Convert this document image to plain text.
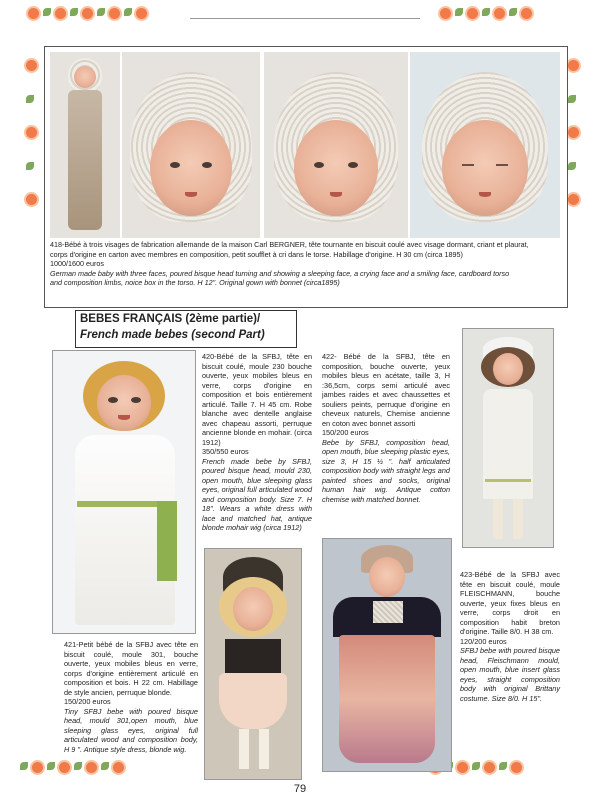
418-Bébé à trois visages de fabrication allemande de la maison Carl BERGNER, tête tournante en biscuit coulé avec visage dormant, criant et plaurat,
corps d'origine en carton avec membres en composition, petit soufflet à cri dans le torse. Habillage d'origine. H 30 cm (circa 1895)
1000/1600 euros
German made baby with three faces, poured bisque head turning and showing a sleeping face, a crying face and a smiling face, cardboard torso
and composition limbs, noice box in the torso. H 12". Original gown with bonnet (circa1895)
BEBES FRANÇAIS (2ème partie)/
French made bebes (second Part)
420-Bébé de la SFBJ, tête en biscuit coulé, moule 230 bouche ouverte, yeux mobiles bleus en verre, corps d'origine en composition et bois entièrement articulé. Taille 7. H 45 cm. Robe blanche avec dentelle anglaise avec chapeau assorti, perruque ancienne blonde en mohair. (circa 1912)
350/550 euros
French made bebe by SFBJ, poured bisque head, mould 230, open mouth, blue sleeping glass eyes, original full articulated wood and composition body. Size 7. H 18". Wears a white dress with lace and matched hat, antique blonde mohair wig (circa 1912)
422- Bébé de la SFBJ, tête en composition, bouche ouverte, yeux mobiles bleus en acétate, taille 3, H :36,5cm, corps semi articulé avec jambes raides et avec chaussettes et souliers peints, perruque d'origine en cheveux naturels, Chemise ancienne en coton avec bonnet assorti
150/200 euros
Bebe by SFBJ, composition head, open mouth, blue sleeping plastic eyes, size 3, H 15 ½ ". half articulated composition body with straight legs and painted shoes and socks, original human hair wig. Antique cotton chemise with matched bonnet.
421-Petit bébé de la SFBJ avec tête en biscuit coulé, moule 301, bouche ouverte, yeux mobiles bleus en verre, corps d'origine entièrement articulé en composition et bois. H 22 cm. Habillage de style ancien, perruque blonde.
150/200 euros
Tiny SFBJ bebe with poured bisque head, mould 301,open mouth, blue sleeping glass eyes, original full articulated wood and composition body, H 9 ". Antique style dress, blonde wig.
423-Bébé de la SFBJ avec tête en biscuit coulé, moule FLEISCHMANN, bouche ouverte, yeux fixes bleus en verre, corps droit en composition habit breton d'origine. Taille 8/0. H 38 cm.
120/200 euros
SFBJ bebe with poured bisque head, Fleischmann mould, open mouth, blue insert glass eyes, straight composition body with original Brittany costume. Size 8/0. H 15".
79
